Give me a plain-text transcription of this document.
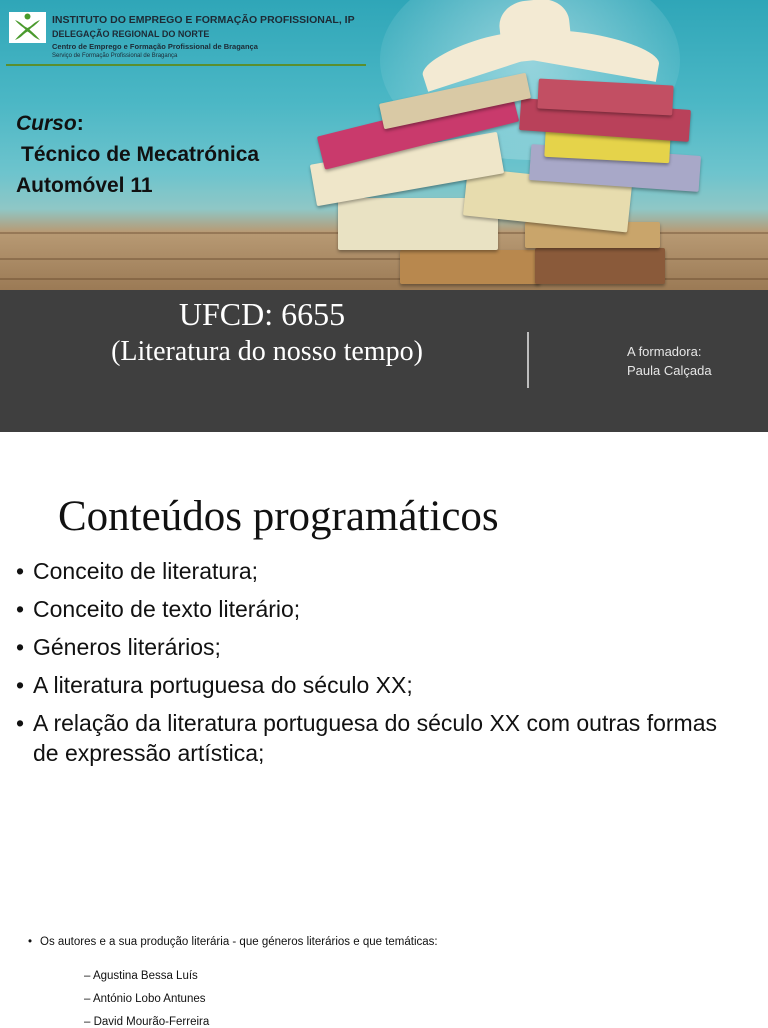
INSTITUTO DO EMPREGO E FORMAÇÃO PROFISSIONAL, IP
DELEGAÇÃO REGIONAL DO NORTE
Centro de Emprego e Formação Profissional de Bragança
Serviço de Formação Profissional de Bragança
Curso:
Técnico de Mecatrónica
Automóvel 11
UFCD: 6655
(Literatura do nosso tempo)	A formadora:
Paula Calçada
Conteúdos programáticos
• Conceito de literatura;
• Conceito de texto literário;
• Géneros literários;
• A literatura portuguesa do século XX;
• A relação da literatura portuguesa do século XX com outras formas de expressão artística;
• Os autores e a sua produção literária - que géneros literários e que temáticas:
– Agustina Bessa Luís
– António Lobo Antunes
– David Mourão-Ferreira
